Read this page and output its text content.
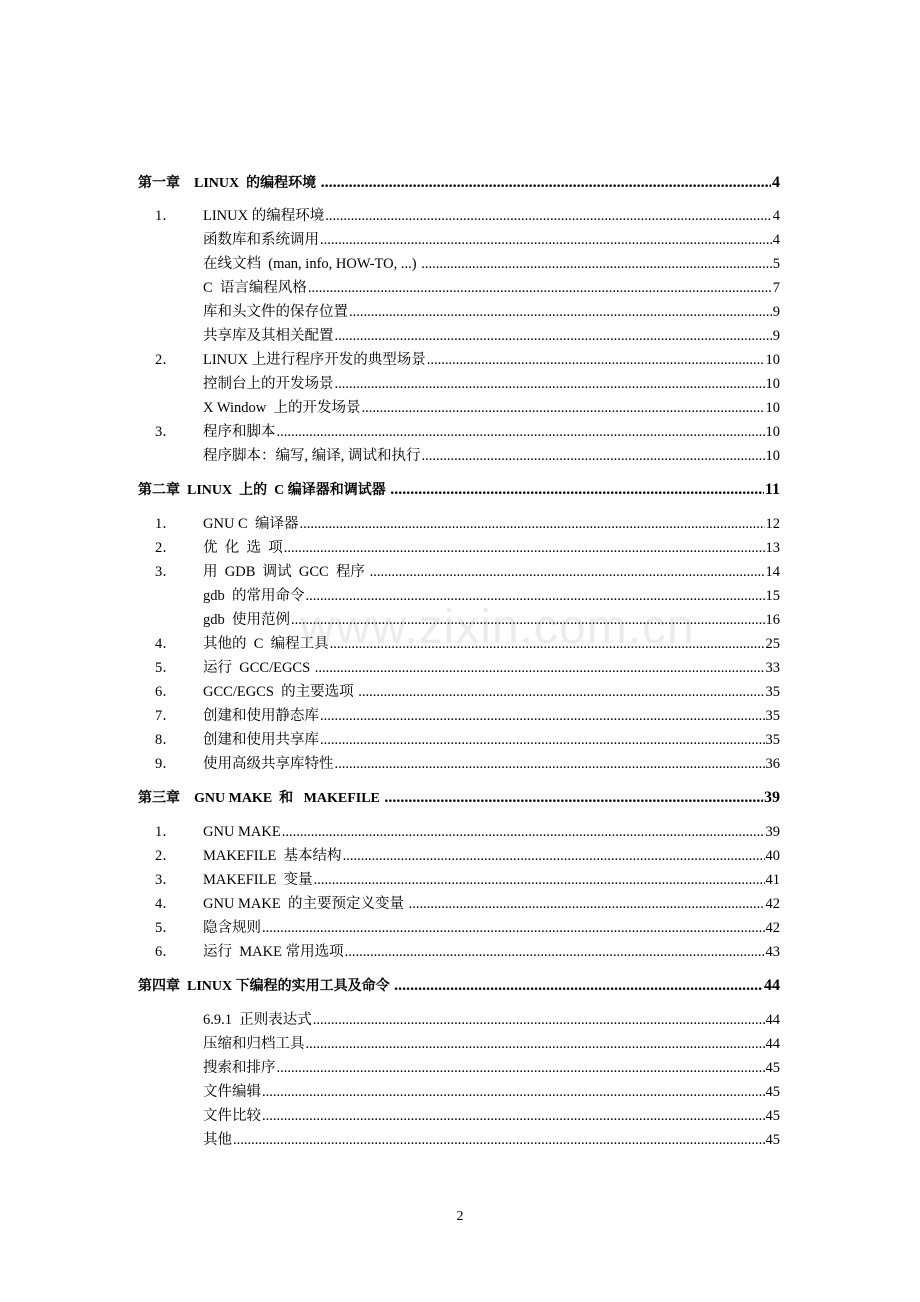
第一章    LINUX  的编程环境 .....	4
1．	LINUX 的编程环境 .....	4
函数库和系统调用 .....	4
在线文档  (man, info, HOW-TO, ...) .....	5
C  语言编程风格 .....	7
库和头文件的保存位置 .....	9
共享库及其相关配置 .....	9
2．	LINUX 上进行程序开发的典型场景 .....	10
控制台上的开发场景 .....	10
X Window  上的开发场景 .....	10
3．	程序和脚本 .....	10
程序脚本：编写, 编译, 调试和执行 .....	10
第二章  LINUX  上的  C 编译器和调试器 .....	11
1．	GNU C  编译器 .....	12
2．	优  化  选  项 .....	13
3．	用  GDB  调试  GCC  程序 .....	14
gdb  的常用命令 .....	15
gdb  使用范例 .....	16
4．	其他的  C  编程工具 .....	25
5．	运行  GCC/EGCS .....	33
6．	GCC/EGCS  的主要选项 .....	35
7．	创建和使用静态库 .....	35
8．	创建和使用共享库 .....	35
9．	使用高级共享库特性 .....	36
第三章    GNU MAKE  和   MAKEFILE .....	39
1．	GNU MAKE .....	39
2．	MAKEFILE  基本结构 .....	40
3．	MAKEFILE  变量 .....	41
4．	GNU MAKE  的主要预定义变量 .....	42
5．	隐含规则 .....	42
6．	运行  MAKE 常用选项 .....	43
第四章  LINUX 下编程的实用工具及命令 .....	44
6.9.1  正则表达式 .....	44
压缩和归档工具 .....	44
搜索和排序 .....	45
文件编辑 .....	45
文件比较 .....	45
其他 .....	45
www.zixin.com.cn
2
